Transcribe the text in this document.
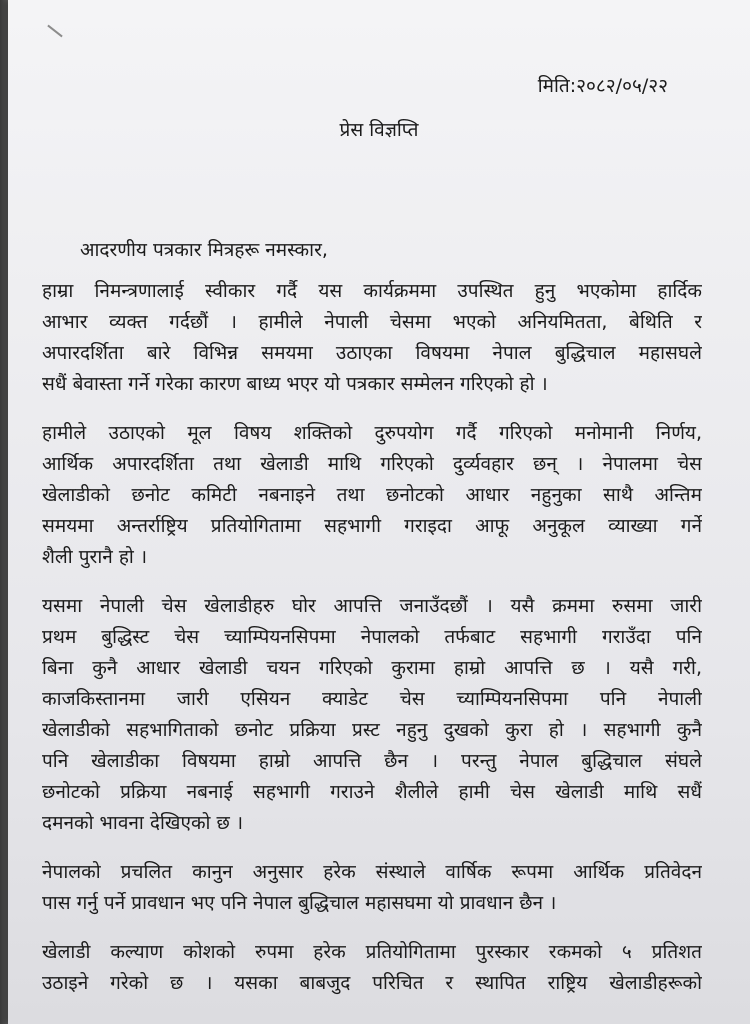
मिति:२०८२/०५/२२
प्रेस विज्ञप्ति
आदरणीय पत्रकार मित्रहरू नमस्कार,
हाम्रा निमन्त्रणालाई स्वीकार गर्दै यस कार्यक्रममा उपस्थित हुनु भएकोमा हार्दिक
आभार व्यक्त गर्दछौं । हामीले नेपाली चेसमा भएको अनियमितता, बेथिति र
अपारदर्शिता बारे विभिन्न समयमा उठाएका विषयमा नेपाल बुद्धिचाल महासघले
सधैं बेवास्ता गर्ने गरेका कारण बाध्य भएर यो पत्रकार सम्मेलन गरिएको हो ।
हामीले उठाएको मूल विषय शक्तिको दुरुपयोग गर्दै गरिएको मनोमानी निर्णय,
आर्थिक अपारदर्शिता तथा खेलाडी माथि गरिएको दुर्व्यवहार छन् । नेपालमा चेस
खेलाडीको छनोट कमिटी नबनाइने तथा छनोटको आधार नहुनुका साथै अन्तिम
समयमा अन्तर्राष्ट्रिय प्रतियोगितामा सहभागी गराइदा आफू अनुकूल व्याख्या गर्ने
शैली पुरानै हो ।
यसमा नेपाली चेस खेलाडीहरु घोर आपत्ति जनाउँदछौं । यसै क्रममा रुसमा जारी
प्रथम बुद्धिस्ट चेस च्याम्पियनसिपमा नेपालको तर्फबाट सहभागी गराउँदा पनि
बिना कुनै आधार खेलाडी चयन गरिएको कुरामा हाम्रो आपत्ति छ । यसै गरी,
काजकिस्तानमा जारी एसियन क्याडेट चेस च्याम्पियनसिपमा पनि नेपाली
खेलाडीको सहभागिताको छनोट प्रक्रिया प्रस्ट नहुनु दुखको कुरा हो । सहभागी कुनै
पनि खेलाडीका विषयमा हाम्रो आपत्ति छैन । परन्तु नेपाल बुद्धिचाल संघले
छनोटको प्रक्रिया नबनाई सहभागी गराउने शैलीले हामी चेस खेलाडी माथि सधैं
दमनको भावना देखिएको छ ।
नेपालको प्रचलित कानुन अनुसार हरेक संस्थाले वार्षिक रूपमा आर्थिक प्रतिवेदन
पास गर्नु पर्ने प्रावधान भए पनि नेपाल बुद्धिचाल महासघमा यो प्रावधान छैन ।
खेलाडी कल्याण कोशको रुपमा हरेक प्रतियोगितामा पुरस्कार रकमको ५ प्रतिशत
उठाइने गरेको छ । यसका बाबजुद परिचित र स्थापित राष्ट्रिय खेलाडीहरूको
